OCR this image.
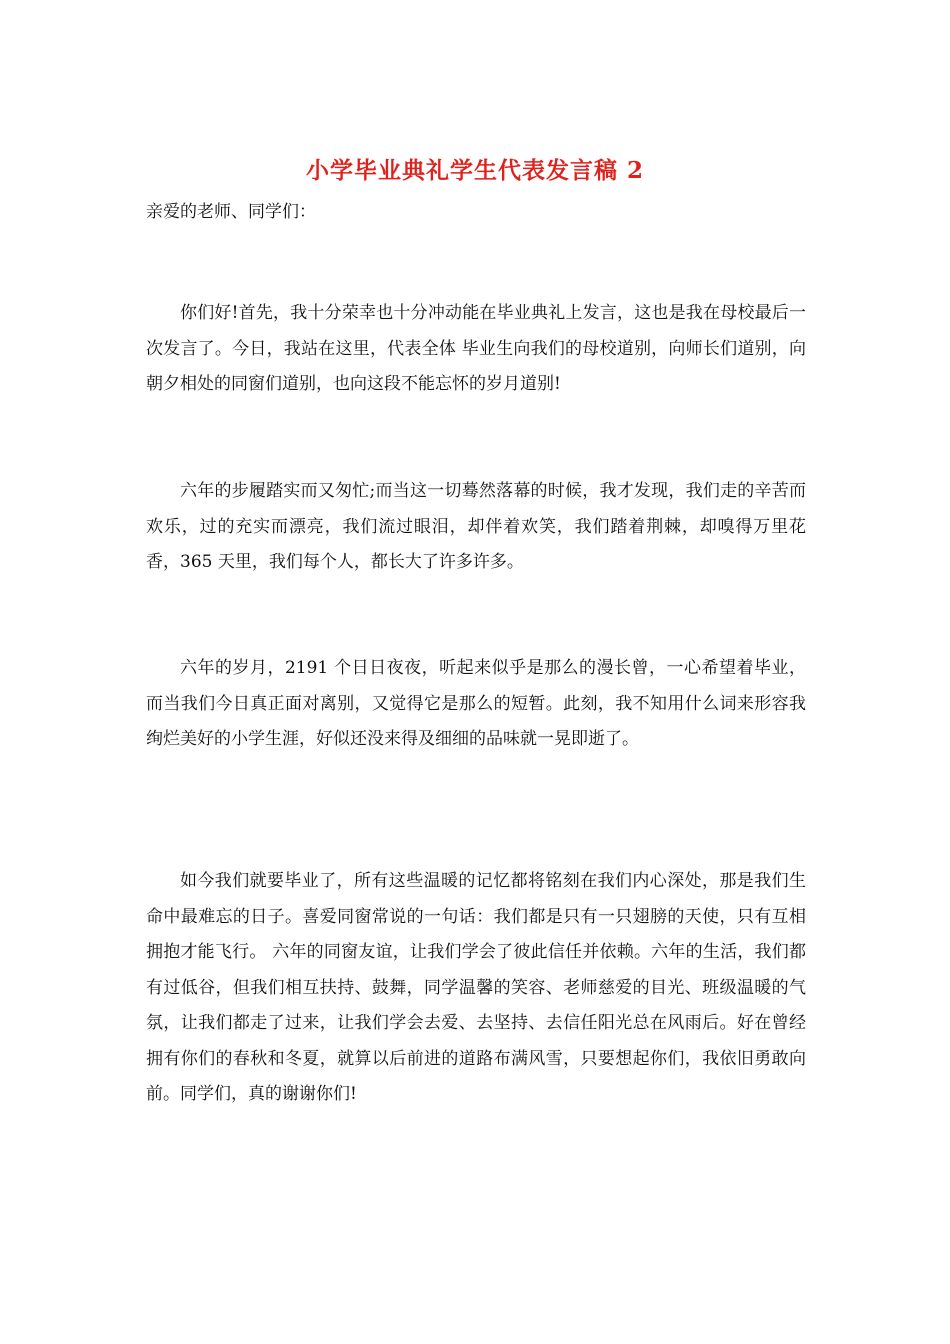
小学毕业典礼学生代表发言稿 2
亲爱的老师、同学们：

你们好!首先，我十分荣幸也十分冲动能在毕业典礼上发言，这也是我在母校最后一次发言了。今日，我站在这里，代表全体 毕业生向我们的母校道别，向师长们道别，向朝夕相处的同窗们道别，也向这段不能忘怀的岁月道别!

六年的步履踏实而又匆忙;而当这一切蓦然落幕的时候，我才发现，我们走的辛苦而欢乐，过的充实而漂亮，我们流过眼泪，却伴着欢笑，我们踏着荆棘，却嗅得万里花香，365 天里，我们每个人，都长大了许多许多。

六年的岁月，2191 个日日夜夜，听起来似乎是那么的漫长曾，一心希望着毕业，而当我们今日真正面对离别，又觉得它是那么的短暂。此刻，我不知用什么词来形容我绚烂美好的小学生涯，好似还没来得及细细的品味就一晃即逝了。

如今我们就要毕业了，所有这些温暖的记忆都将铭刻在我们内心深处，那是我们生命中最难忘的日子。喜爱同窗常说的一句话：我们都是只有一只翅膀的天使，只有互相拥抱才能飞行。 六年的同窗友谊，让我们学会了彼此信任并依赖。六年的生活，我们都有过低谷，但我们相互扶持、鼓舞，同学温馨的笑容、老师慈爱的目光、班级温暖的气氛，让我们都走了过来，让我们学会去爱、去坚持、去信任阳光总在风雨后。好在曾经拥有你们的春秋和冬夏，就算以后前进的道路布满风雪，只要想起你们，我依旧勇敢向前。同学们，真的谢谢你们!
